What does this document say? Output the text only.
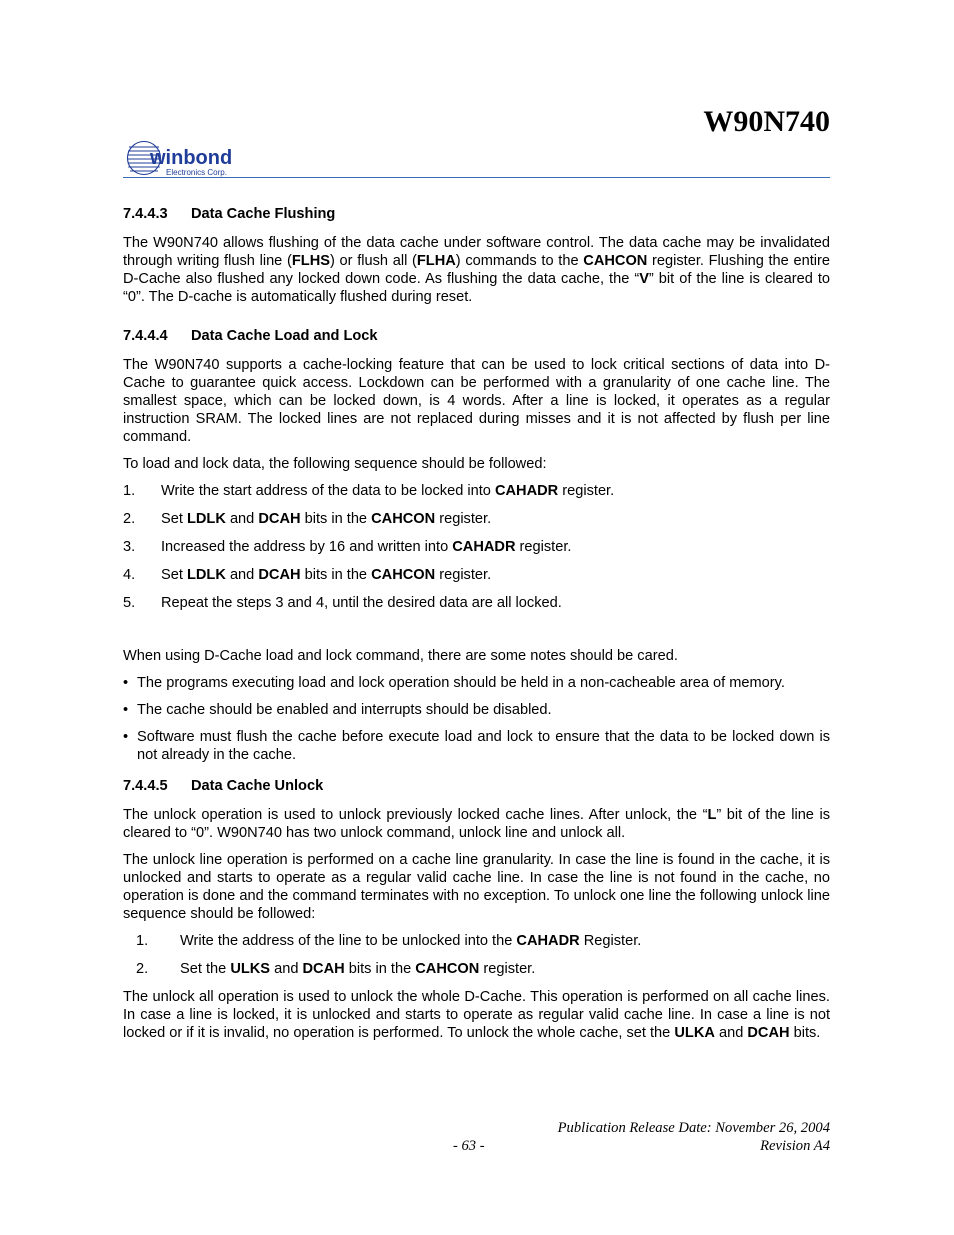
W90N740
winbond
Electronics Corp.
7.4.4.3 Data Cache Flushing

The W90N740 allows flushing of the data cache under software control. The data cache may be invalidated through writing flush line (FLHS) or flush all (FLHA) commands to the CAHCON register. Flushing the entire D-Cache also flushed any locked down code. As flushing the data cache, the “V” bit of the line is cleared to “0”. The D-cache is automatically flushed during reset.

7.4.4.4 Data Cache Load and Lock

The W90N740 supports a cache-locking feature that can be used to lock critical sections of data into D-Cache to guarantee quick access. Lockdown can be performed with a granularity of one cache line. The smallest space, which can be locked down, is 4 words. After a line is locked, it operates as a regular instruction SRAM. The locked lines are not replaced during misses and it is not affected by flush per line command.

To load and lock data, the following sequence should be followed:

1. Write the start address of the data to be locked into CAHADR register.
2. Set LDLK and DCAH bits in the CAHCON register.
3. Increased the address by 16 and written into CAHADR register.
4. Set LDLK and DCAH bits in the CAHCON register.
5. Repeat the steps 3 and 4, until the desired data are all locked.

When using D-Cache load and lock command, there are some notes should be cared.

• The programs executing load and lock operation should be held in a non-cacheable area of memory.
• The cache should be enabled and interrupts should be disabled.
• Software must flush the cache before execute load and lock to ensure that the data to be locked down is not already in the cache.
7.4.4.5 Data Cache Unlock

The unlock operation is used to unlock previously locked cache lines. After unlock, the “L” bit of the line is cleared to “0”. W90N740 has two unlock command, unlock line and unlock all.

The unlock line operation is performed on a cache line granularity. In case the line is found in the cache, it is unlocked and starts to operate as a regular valid cache line. In case the line is not found in the cache, no operation is done and the command terminates with no exception. To unlock one line the following unlock line sequence should be followed:

1. Write the address of the line to be unlocked into the CAHADR Register.
2. Set the ULKS and DCAH bits in the CAHCON register.

The unlock all operation is used to unlock the whole D-Cache. This operation is performed on all cache lines. In case a line is locked, it is unlocked and starts to operate as regular valid cache line. In case a line is not locked or if it is invalid, no operation is performed. To unlock the whole cache, set the ULKA and DCAH bits.

Publication Release Date: November 26, 2004
- 63 -	Revision A4
